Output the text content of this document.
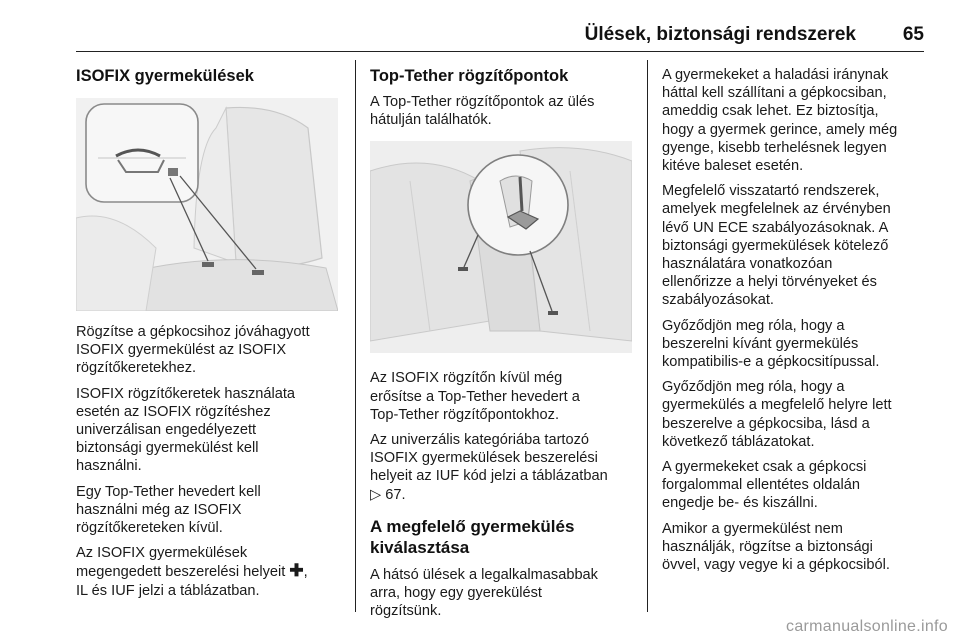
Ülések, biztonsági rendszerek 65
ISOFIX gyermekülések

Rögzítse a gépkocsihoz jóváhagyott
ISOFIX gyermekülést az ISOFIX
rögzítőkeretekhez.

ISOFIX rögzítőkeretek használata
esetén az ISOFIX rögzítéshez
univerzálisan engedélyezett
biztonsági gyermekülést kell
használni.

Egy Top-Tether hevedert kell
használni még az ISOFIX
rögzítőkereteken kívül.

Az ISOFIX gyermekülések
megengedett beszerelési helyeit ✚,
IL és IUF jelzi a táblázatban.

Top-Tether rögzítőpontok

A Top-Tether rögzítőpontok az ülés
hátulján találhatók.

Az ISOFIX rögzítőn kívül még
erősítse a Top-Tether hevedert a
Top-Tether rögzítőpontokhoz.

Az univerzális kategóriába tartozó
ISOFIX gyermekülések beszerelési
helyeit az IUF kód jelzi a táblázatban
▷ 67.

A megfelelő gyermekülés
kiválasztása

A hátsó ülések a legalkalmasabbak
arra, hogy egy gyerekülést
rögzítsünk.

A gyermekeket a haladási iránynak
háttal kell szállítani a gépkocsiban,
ameddig csak lehet. Ez biztosítja,
hogy a gyermek gerince, amely még
gyenge, kisebb terhelésnek legyen
kitéve baleset esetén.

Megfelelő visszatartó rendszerek,
amelyek megfelelnek az érvényben
lévő UN ECE szabályozásoknak. A
biztonsági gyermekülések kötelező
használatára vonatkozóan
ellenőrizze a helyi törvényeket és
szabályozásokat.

Győződjön meg róla, hogy a
beszerelni kívánt gyermekülés
kompatibilis-e a gépkocsitípussal.

Győződjön meg róla, hogy a
gyermekülés a megfelelő helyre lett
beszerelve a gépkocsiba, lásd a
következő táblázatokat.

A gyermekeket csak a gépkocsi
forgalommal ellentétes oldalán
engedje be- és kiszállni.

Amikor a gyermekülést nem
használják, rögzítse a biztonsági
övvel, vagy vegye ki a gépkocsiból.

carmanualsonline.info
